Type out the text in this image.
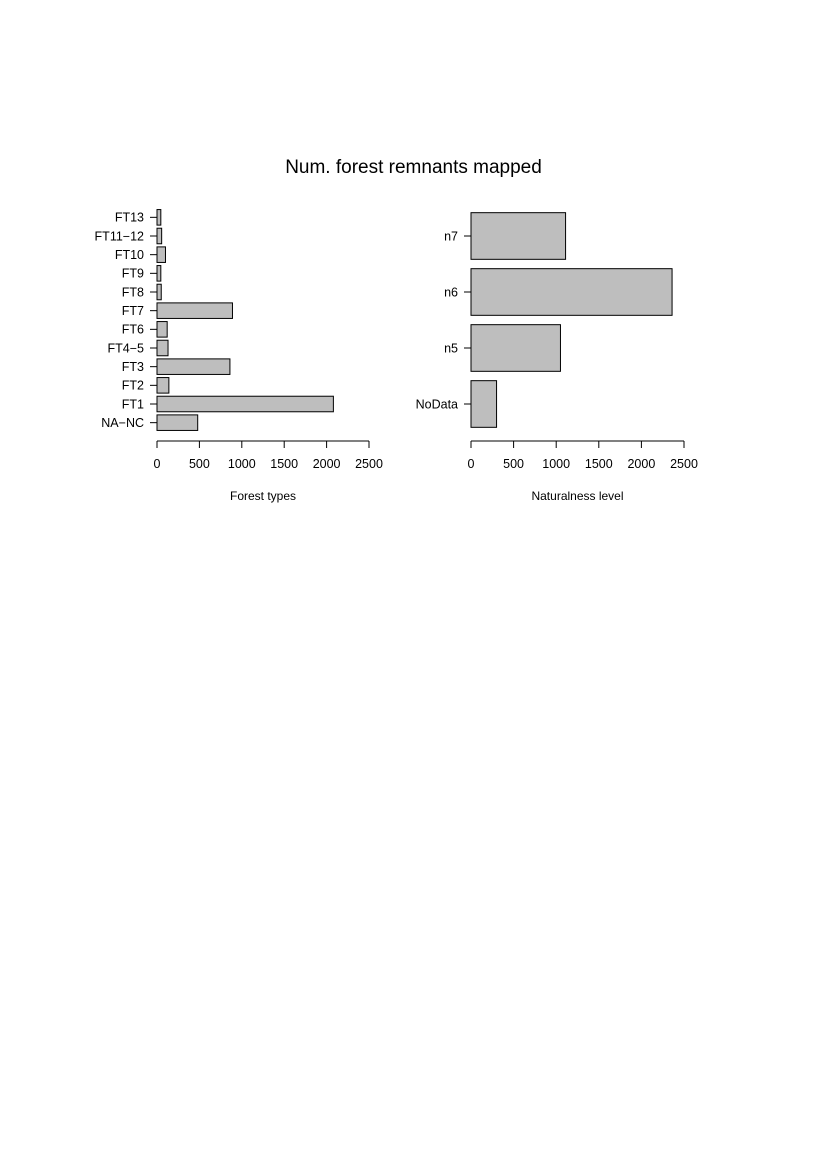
Num. forest remnants mapped
NA−NC
FT1
FT2
FT3
FT4−5
FT6
FT7
FT8
FT9
FT10
FT11−12
FT13
0 500 1000 1500 2000 2500
Forest types
NoData
n5
n6
n7
0 500 1000 1500 2000 2500
Naturalness level
